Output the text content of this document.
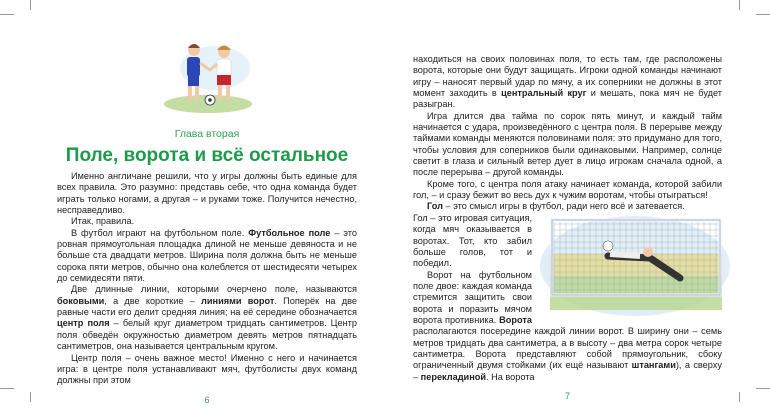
Глава вторая
Поле, ворота и всё остальное

Именно англичане решили, что у игры должны быть единые для всех правила. Это разумно: представь себе, что одна команда будет играть только ногами, а другая – и руками тоже. Получится нечестно, несправедливо.

Итак, правила.

В футбол играют на футбольном поле. Футбольное поле – это ровная прямоугольная площадка длиной не меньше девяноста и не больше ста двадцати метров. Ширина поля должна быть не меньше сорока пяти метров, обычно она колеблется от шестидесяти четырех до семидесяти пяти.

Две длинные линии, которыми очерчено поле, называются боковыми, а две короткие – линиями ворот. Поперёк на две равные части его делит средняя линия; на её середине обозначается центр поля – белый круг диаметром тридцать сантиметров. Центр поля обведён окружностью диаметром девять метров пятнадцать сантиметров, она называется центральным кругом.

Центр поля – очень важное место! Именно с него и начинается игра: в центре поля устанавливают мяч, футболисты двух команд должны при этом

6

находиться на своих половинах поля, то есть там, где расположены ворота, которые они будут защищать. Игроки одной команды начинают игру – наносят первый удар по мячу, а их соперники не должны в этот момент заходить в центральный круг и мешать, пока мяч не будет разыгран.

Игра длится два тайма по сорок пять минут, и каждый тайм начинается с удара, произведённого с центра поля. В перерыве между таймами команды меняются половинами поля: это придумано для того, чтобы условия для соперников были одинаковыми. Например, солнце светит в глаза и сильный ветер дует в лицо игрокам сначала одной, а после перерыва – другой команды.

Кроме того, с центра поля атаку начинает команда, которой забили гол, – и сразу бежит во весь дух к чужим воротам, чтобы отыграться!

Гол – это смысл игры в футбол, ради него всё и затевается.

Гол – это игровая ситуация, когда мяч оказывается в воротах. Тот, кто забил больше голов, тот и победил.

Ворот на футбольном поле двое: каждая команда стремится защитить свои ворота и поразить мячом ворота противника. Ворота располагаются посередине каждой линии ворот. В ширину они – семь метров тридцать два сантиметра, а в высоту – два метра сорок четыре сантиметра. Ворота представляют собой прямоугольник, сбоку ограниченный двумя стойками (их ещё называют штангами), а сверху – перекладиной. На ворота

7
